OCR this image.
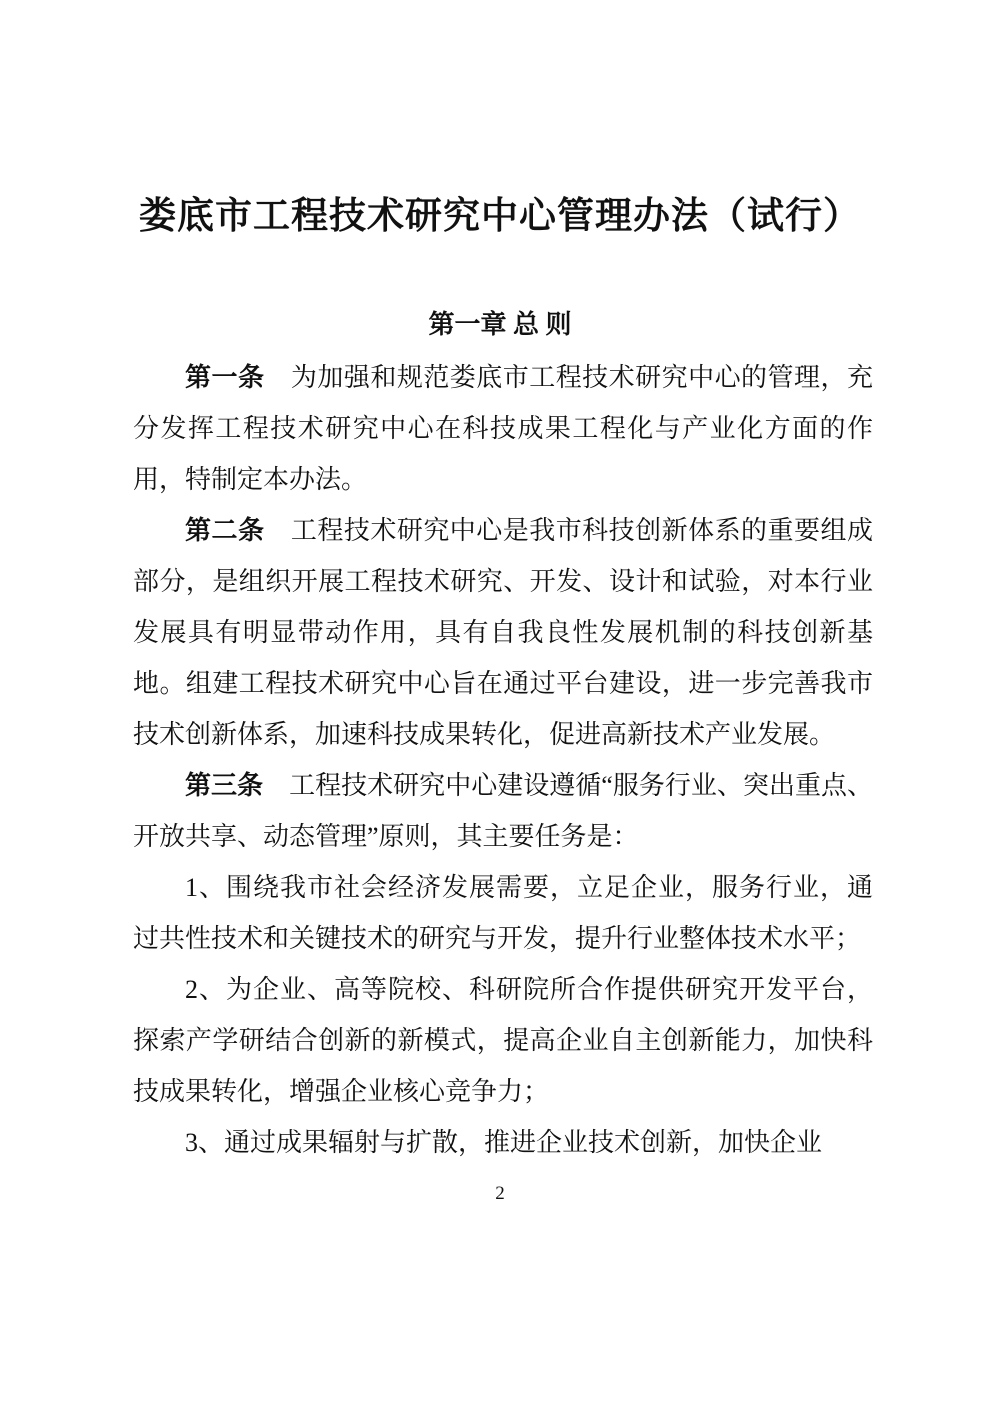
娄底市工程技术研究中心管理办法（试行）
第一章 总 则

第一条　 为加强和规范娄底市工程技术研究中心的管理，充分发挥工程技术研究中心在科技成果工程化与产业化方面的作用，特制定本办法。

第二条　 工程技术研究中心是我市科技创新体系的重要组成部分，是组织开展工程技术研究、开发、设计和试验，对本行业发展具有明显带动作用，具有自我良性发展机制的科技创新基地。组建工程技术研究中心旨在通过平台建设，进一步完善我市技术创新体系，加速科技成果转化，促进高新技术产业发展。

第三条　 工程技术研究中心建设遵循“服务行业、突出重点、开放共享、动态管理”原则，其主要任务是：

1、围绕我市社会经济发展需要，立足企业，服务行业，通过共性技术和关键技术的研究与开发，提升行业整体技术水平；

2、为企业、高等院校、科研院所合作提供研究开发平台，探索产学研结合创新的新模式，提高企业自主创新能力，加快科技成果转化，增强企业核心竞争力；

3、通过成果辐射与扩散，推进企业技术创新，加快企业

2
